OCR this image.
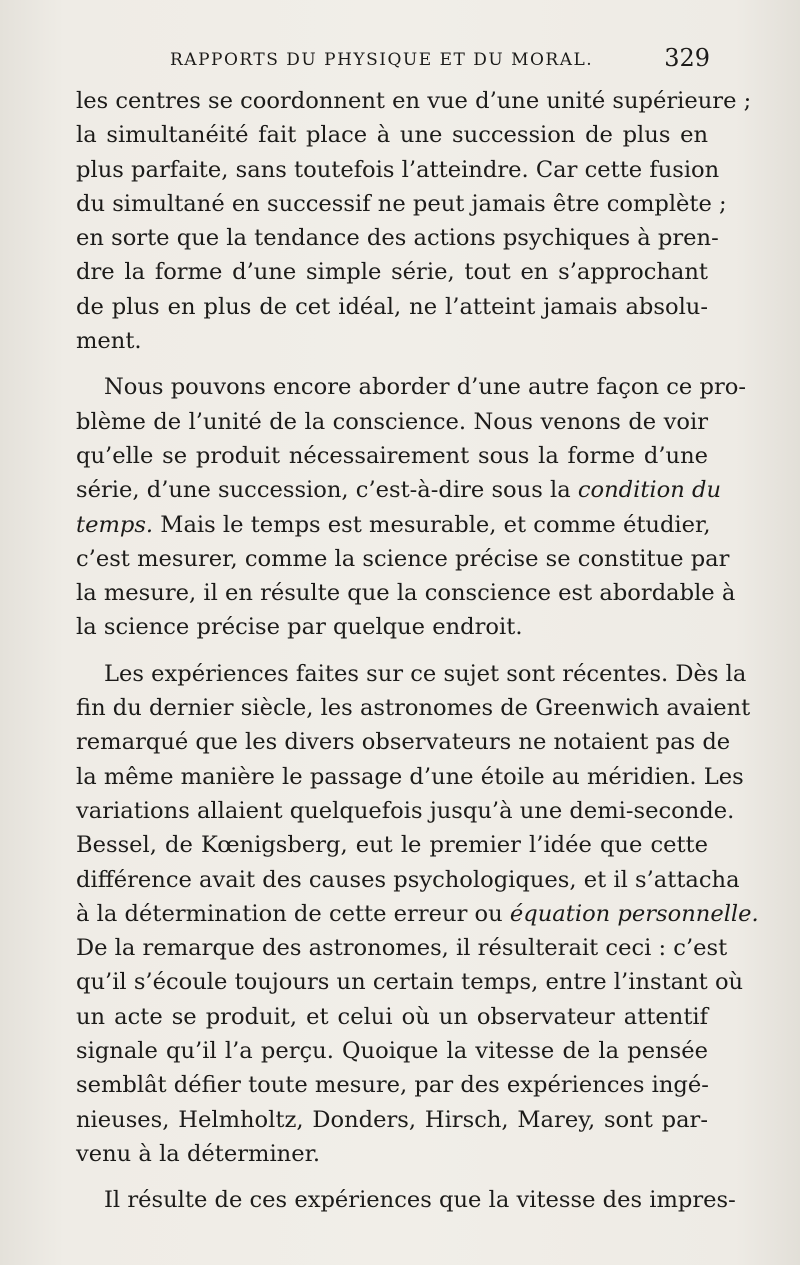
RAPPORTS DU PHYSIQUE ET DU MORAL.	329
les centres se coordonnent en vue d’une unité supérieure ;
la simultanéité fait place à une succession de plus en
plus parfaite, sans toutefois l’atteindre. Car cette fusion
du simultané en successif ne peut jamais être complète ;
en sorte que la tendance des actions psychiques à pren-
dre la forme d’une simple série, tout en s’approchant
de plus en plus de cet idéal, ne l’atteint jamais absolu-
ment.
Nous pouvons encore aborder d’une autre façon ce pro-
blème de l’unité de la conscience. Nous venons de voir
qu’elle se produit nécessairement sous la forme d’une
série, d’une succession, c’est-à-dire sous la condition du
temps. Mais le temps est mesurable, et comme étudier,
c’est mesurer, comme la science précise se constitue par
la mesure, il en résulte que la conscience est abordable à
la science précise par quelque endroit.
Les expériences faites sur ce sujet sont récentes. Dès la
fin du dernier siècle, les astronomes de Greenwich avaient
remarqué que les divers observateurs ne notaient pas de
la même manière le passage d’une étoile au méridien. Les
variations allaient quelquefois jusqu’à une demi-seconde.
Bessel, de Kœnigsberg, eut le premier l’idée que cette
différence avait des causes psychologiques, et il s’attacha
à la détermination de cette erreur ou équation personnelle.
De la remarque des astronomes, il résulterait ceci : c’est
qu’il s’écoule toujours un certain temps, entre l’instant où
un acte se produit, et celui où un observateur attentif
signale qu’il l’a perçu. Quoique la vitesse de la pensée
semblât défier toute mesure, par des expériences ingé-
nieuses, Helmholtz, Donders, Hirsch, Marey, sont par-
venu à la déterminer.
Il résulte de ces expériences que la vitesse des impres-
